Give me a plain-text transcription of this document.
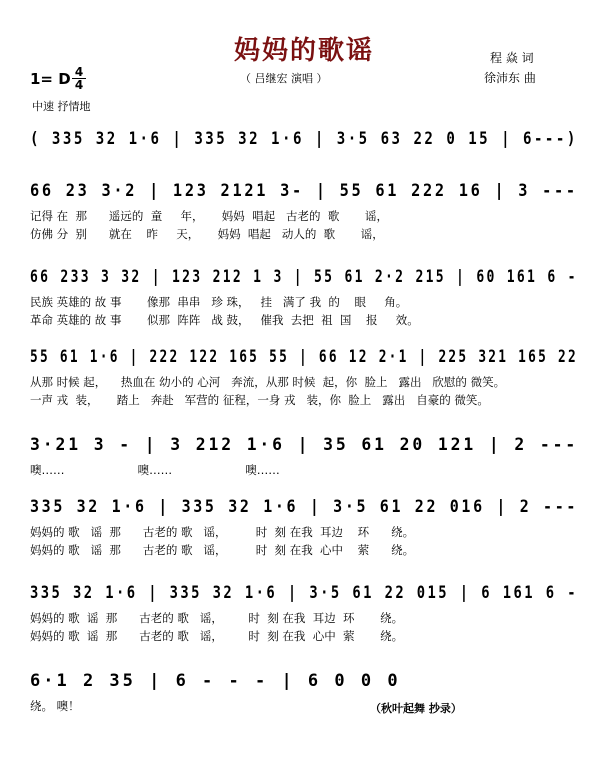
妈妈的歌谣
1= D 4
4	（ 吕继宏 演唱 ）
程 焱 词
徐沛东 曲
中速 抒情地
( 335 32 1·6 | 335 32 1·6 | 3·5 63 22 0 15 | 6---)
66 23 3·2 | 123 2121 3- | 55 61 222 16 | 3 ---
记得 在  那      遥远的  童     年，     妈妈  唱起   古老的  歌       谣，
仿佛 分  别      就在    昨     天，     妈妈  唱起   动人的  歌       谣，
66 233 3 32 | 123 212 1 3 | 55 61 2·2 215 | 60 161 6 -
民族 英雄的 故 事       像那  串串   珍 珠，   挂   满了 我  的    眼     角。
革命 英雄的 故 事       似那  阵阵   战 鼓，   催我  去把  祖  国    报     效。
55 61 1·6 | 222 122 165 55 | 66 12 2·1 | 225 321 165 22
从那 时候 起，    热血在 幼小的 心河   奔流，从那 时候  起，你  脸上   露出   欣慰的 微笑。
一声 戎  装，     踏上   奔赴   军营的 征程，一身 戎   装，你  脸上   露出   自豪的 微笑。
3·21 3 - | 3 212 1·6 | 35 61 20 121 | 2 ---
噢……                    噢……                    噢……
335 32 1·6 | 335 32 1·6 | 3·5 61 22 016 | 2 ---
妈妈的 歌   谣  那      古老的 歌   谣，        时  刻 在我  耳边    环      绕。
妈妈的 歌   谣  那      古老的 歌   谣，        时  刻 在我  心中    萦      绕。
335 32 1·6 | 335 32 1·6 | 3·5 61 22 015 | 6 161 6 -
妈妈的 歌  谣  那      古老的 歌   谣，       时  刻 在我  耳边  环       绕。
妈妈的 歌  谣  那      古老的 歌   谣，       时  刻 在我  心中  萦       绕。
6·1 2 35 | 6 - - - | 6 0 0 0
绕。 噢！	（秋叶起舞 抄录）
